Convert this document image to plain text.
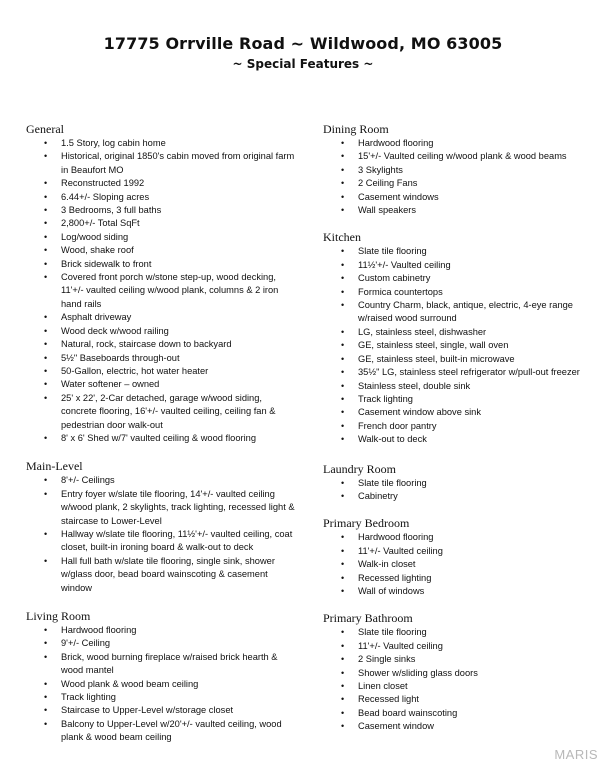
17775 Orrville Road ~ Wildwood, MO 63005
~ Special Features ~
General
• 1.5 Story, log cabin home
• Historical, original 1850's cabin moved from original farm in Beaufort MO
• Reconstructed 1992
• 6.44+/- Sloping acres
• 3 Bedrooms, 3 full baths
• 2,800+/- Total SqFt
• Log/wood siding
• Wood, shake roof
• Brick sidewalk to front
• Covered front porch w/stone step-up, wood decking, 11'+/- vaulted ceiling w/wood plank, columns & 2 iron hand rails
• Asphalt driveway
• Wood deck w/wood railing
• Natural, rock, staircase down to backyard
• 5½" Baseboards through-out
• 50-Gallon, electric, hot water heater
• Water softener – owned
• 25' x 22', 2-Car detached, garage w/wood siding, concrete flooring, 16'+/- vaulted ceiling, ceiling fan & pedestrian door walk-out
• 8' x 6' Shed w/7' vaulted ceiling & wood flooring
Main-Level
• 8'+/- Ceilings
• Entry foyer w/slate tile flooring, 14'+/- vaulted ceiling w/wood plank, 2 skylights, track lighting, recessed light & staircase to Lower-Level
• Hallway w/slate tile flooring, 11½'+/- vaulted ceiling, coat closet, built-in ironing board & walk-out to deck
• Hall full bath w/slate tile flooring, single sink, shower w/glass door, bead board wainscoting & casement window
Living Room
• Hardwood flooring
• 9'+/- Ceiling
• Brick, wood burning fireplace w/raised brick hearth & wood mantel
• Wood plank & wood beam ceiling
• Track lighting
• Staircase to Upper-Level w/storage closet
• Balcony to Upper-Level w/20'+/- vaulted ceiling, wood plank & wood beam ceiling
Dining Room
• Hardwood flooring
• 15'+/- Vaulted ceiling w/wood plank & wood beams
• 3 Skylights
• 2 Ceiling Fans
• Casement windows
• Wall speakers
Kitchen
• Slate tile flooring
• 11½'+/- Vaulted ceiling
• Custom cabinetry
• Formica countertops
• Country Charm, black, antique, electric, 4-eye range w/raised wood surround
• LG, stainless steel, dishwasher
• GE, stainless steel, single, wall oven
• GE, stainless steel, built-in microwave
• 35½" LG, stainless steel refrigerator w/pull-out freezer
• Stainless steel, double sink
• Track lighting
• Casement window above sink
• French door pantry
• Walk-out to deck
Laundry Room
• Slate tile flooring
• Cabinetry
Primary Bedroom
• Hardwood flooring
• 11'+/- Vaulted ceiling
• Walk-in closet
• Recessed lighting
• Wall of windows
Primary Bathroom
• Slate tile flooring
• 11'+/- Vaulted ceiling
• 2 Single sinks
• Shower w/sliding glass doors
• Linen closet
• Recessed light
• Bead board wainscoting
• Casement window
MARIS
